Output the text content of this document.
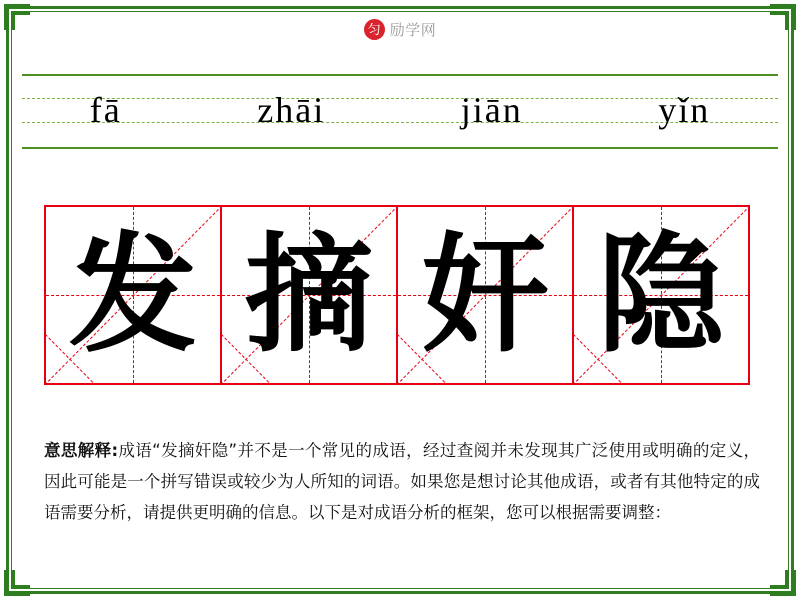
匀 励学网
fā	zhāi	jiān	yǐn
发 摘 奸 隐
意思解释:成语“发摘奸隐”并不是一个常见的成语，经过查阅并未发现其广泛使用或明确的定义，因此可能是一个拼写错误或较少为人所知的词语。如果您是想讨论其他成语，或者有其他特定的成语需要分析，请提供更明确的信息。以下是对成语分析的框架，您可以根据需要调整：
